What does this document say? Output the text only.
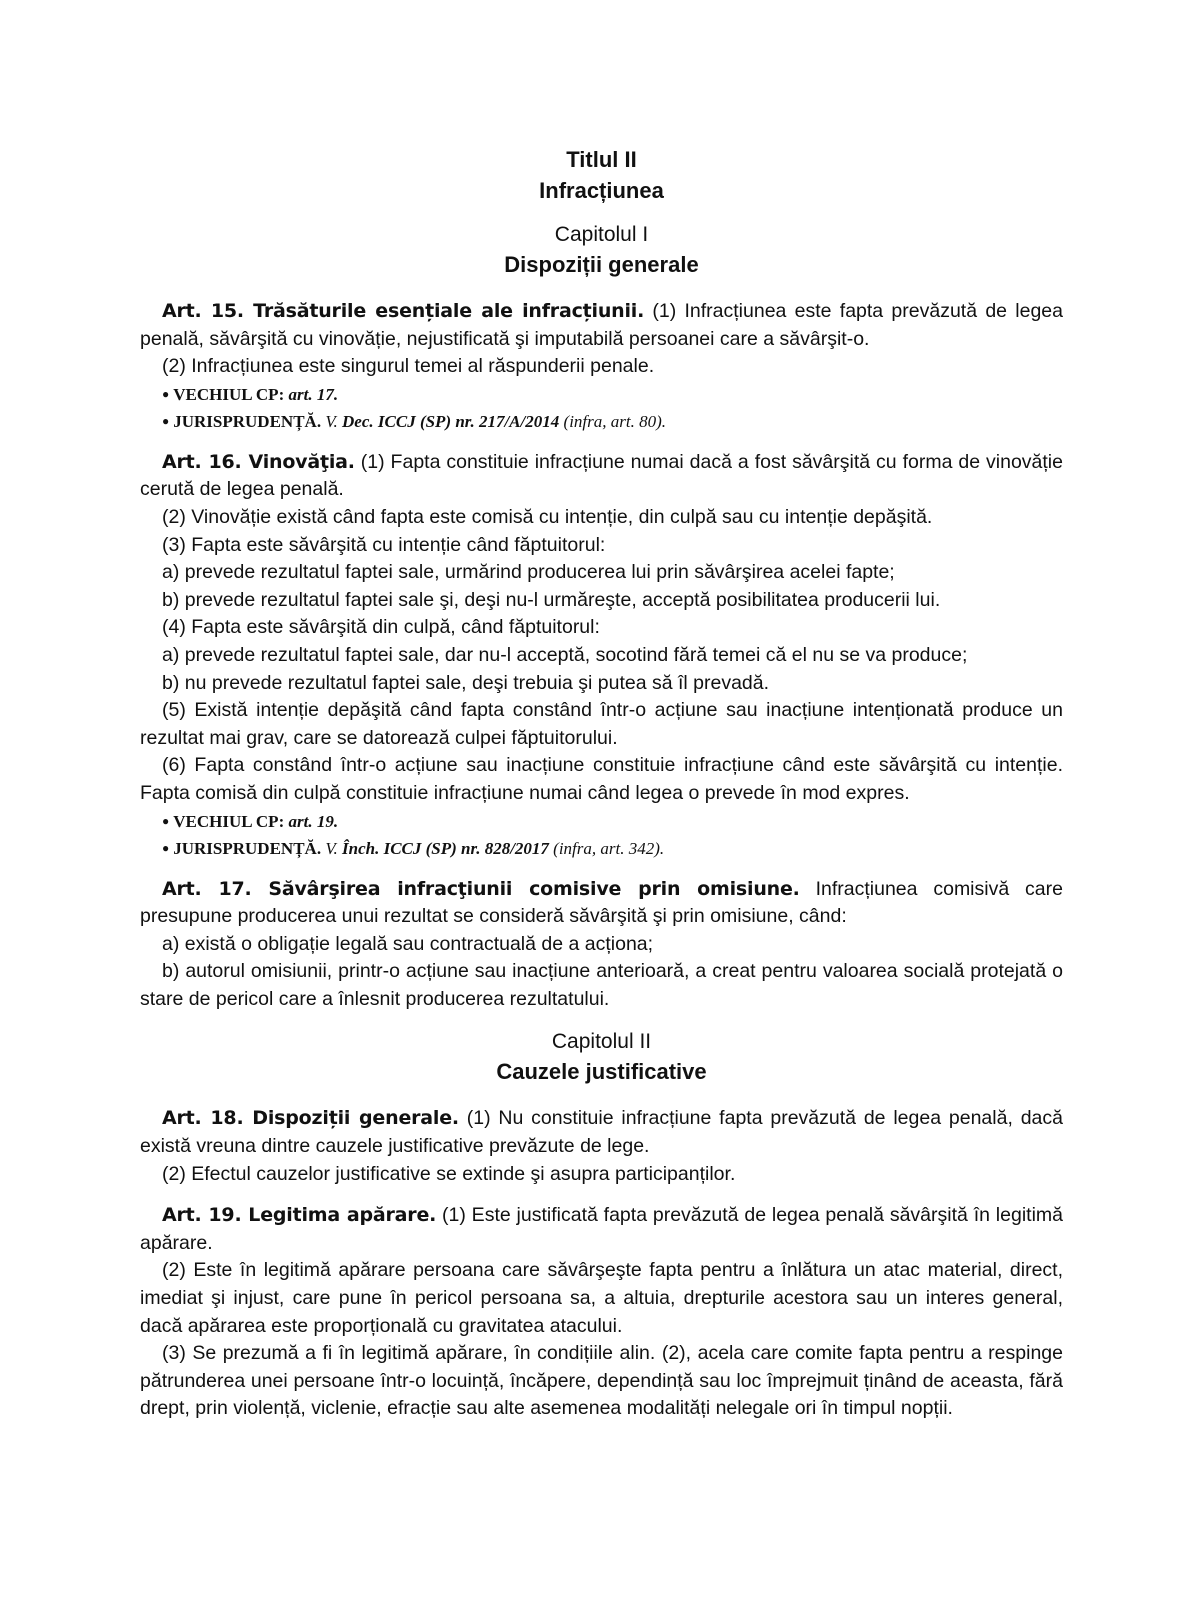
Titlul II
Infracțiunea
Capitolul I
Dispoziții generale

Art. 15. Trăsăturile esențiale ale infracțiunii. (1) Infracțiunea este fapta prevăzută de legea penală, săvârşită cu vinovăție, nejustificată şi imputabilă persoanei care a săvârşit-o.

(2) Infracțiunea este singurul temei al răspunderii penale.

● VECHIUL CP: art. 17.
● JURISPRUDENȚĂ. V. Dec. ICCJ (SP) nr. 217/A/2014 (infra, art. 80).

Art. 16. Vinovăţia. (1) Fapta constituie infracțiune numai dacă a fost săvârşită cu forma de vinovăție cerută de legea penală.

(2) Vinovăție există când fapta este comisă cu intenție, din culpă sau cu intenție depăşită.

(3) Fapta este săvârşită cu intenție când făptuitorul:

a) prevede rezultatul faptei sale, urmărind producerea lui prin săvârşirea acelei fapte;

b) prevede rezultatul faptei sale şi, deşi nu-l urmăreşte, acceptă posibilitatea producerii lui.

(4) Fapta este săvârşită din culpă, când făptuitorul:

a) prevede rezultatul faptei sale, dar nu-l acceptă, socotind fără temei că el nu se va produce;

b) nu prevede rezultatul faptei sale, deşi trebuia şi putea să îl prevadă.

(5) Există intenție depăşită când fapta constând într-o acțiune sau inacțiune intenționată produce un rezultat mai grav, care se datorează culpei făptuitorului.

(6) Fapta constând într-o acțiune sau inacțiune constituie infracțiune când este săvârşită cu intenție. Fapta comisă din culpă constituie infracțiune numai când legea o prevede în mod expres.

● VECHIUL CP: art. 19.
● JURISPRUDENȚĂ. V. Înch. ICCJ (SP) nr. 828/2017 (infra, art. 342).

Art. 17. Săvârşirea infracţiunii comisive prin omisiune. Infracțiunea comisivă care presupune producerea unui rezultat se consideră săvârşită şi prin omisiune, când:

a) există o obligație legală sau contractuală de a acționa;

b) autorul omisiunii, printr-o acțiune sau inacțiune anterioară, a creat pentru valoarea socială protejată o stare de pericol care a înlesnit producerea rezultatului.

Capitolul II
Cauzele justificative

Art. 18. Dispoziții generale. (1) Nu constituie infracțiune fapta prevăzută de legea penală, dacă există vreuna dintre cauzele justificative prevăzute de lege.

(2) Efectul cauzelor justificative se extinde şi asupra participanților.

Art. 19. Legitima apărare. (1) Este justificată fapta prevăzută de legea penală săvârşită în legitimă apărare.

(2) Este în legitimă apărare persoana care săvârşeşte fapta pentru a înlătura un atac material, direct, imediat şi injust, care pune în pericol persoana sa, a altuia, drepturile acestora sau un interes general, dacă apărarea este proporțională cu gravitatea atacului.

(3) Se prezumă a fi în legitimă apărare, în condițiile alin. (2), acela care comite fapta pentru a respinge pătrunderea unei persoane într-o locuință, încăpere, dependință sau loc împrejmuit ținând de aceasta, fără drept, prin violență, viclenie, efracție sau alte asemenea modalități nelegale ori în timpul nopții.
